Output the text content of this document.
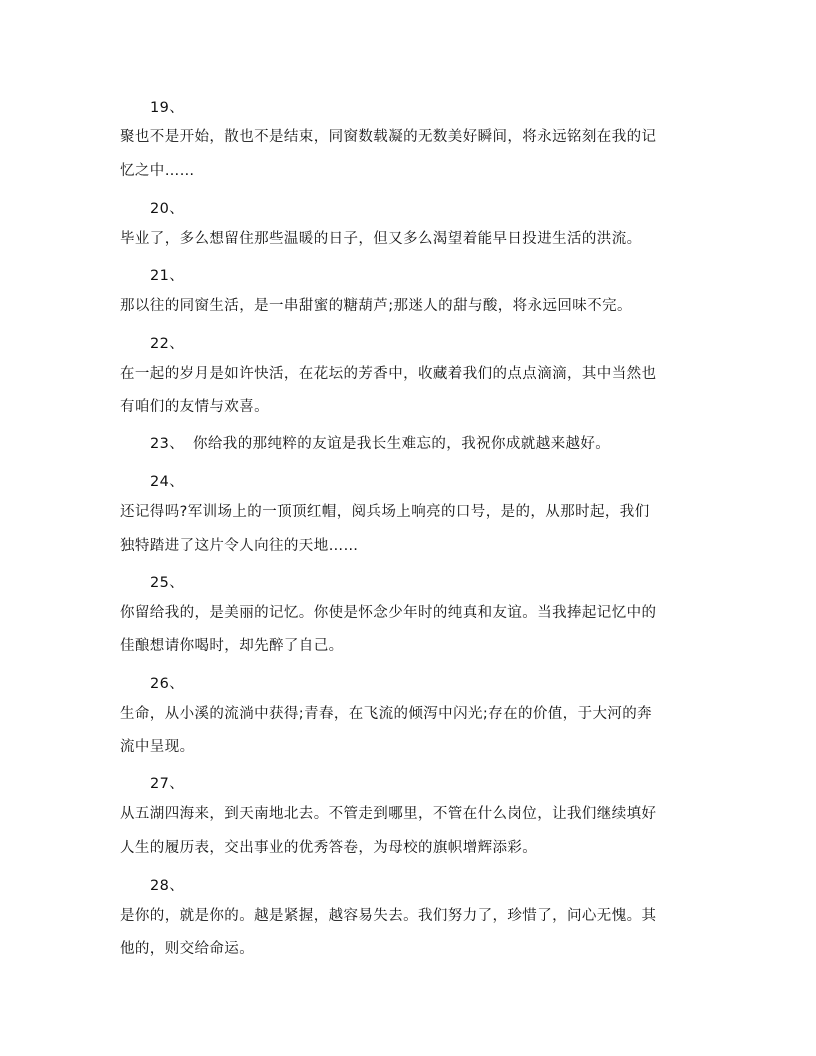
19、
聚也不是开始，散也不是结束，同窗数载凝的无数美好瞬间，将永远铭刻在我的记
忆之中……
20、
毕业了，多么想留住那些温暖的日子，但又多么渴望着能早日投进生活的洪流。
21、
那以往的同窗生活，是一串甜蜜的糖葫芦;那迷人的甜与酸，将永远回味不完。
22、
在一起的岁月是如许快活，在花坛的芳香中，收藏着我们的点点滴滴，其中当然也
有咱们的友情与欢喜。
23、 你给我的那纯粹的友谊是我长生难忘的，我祝你成就越来越好。
24、
还记得吗?军训场上的一顶顶红帽，阅兵场上响亮的口号，是的，从那时起，我们
独特踏进了这片令人向往的天地……
25、
你留给我的，是美丽的记忆。你使是怀念少年时的纯真和友谊。当我捧起记忆中的
佳酿想请你喝时，却先醉了自己。
26、
生命，从小溪的流淌中获得;青春，在飞流的倾泻中闪光;存在的价值，于大河的奔
流中呈现。
27、
从五湖四海来，到天南地北去。不管走到哪里，不管在什么岗位，让我们继续填好
人生的履历表，交出事业的优秀答卷，为母校的旗帜增辉添彩。
28、
是你的，就是你的。越是紧握，越容易失去。我们努力了，珍惜了，问心无愧。其
他的，则交给命运。
